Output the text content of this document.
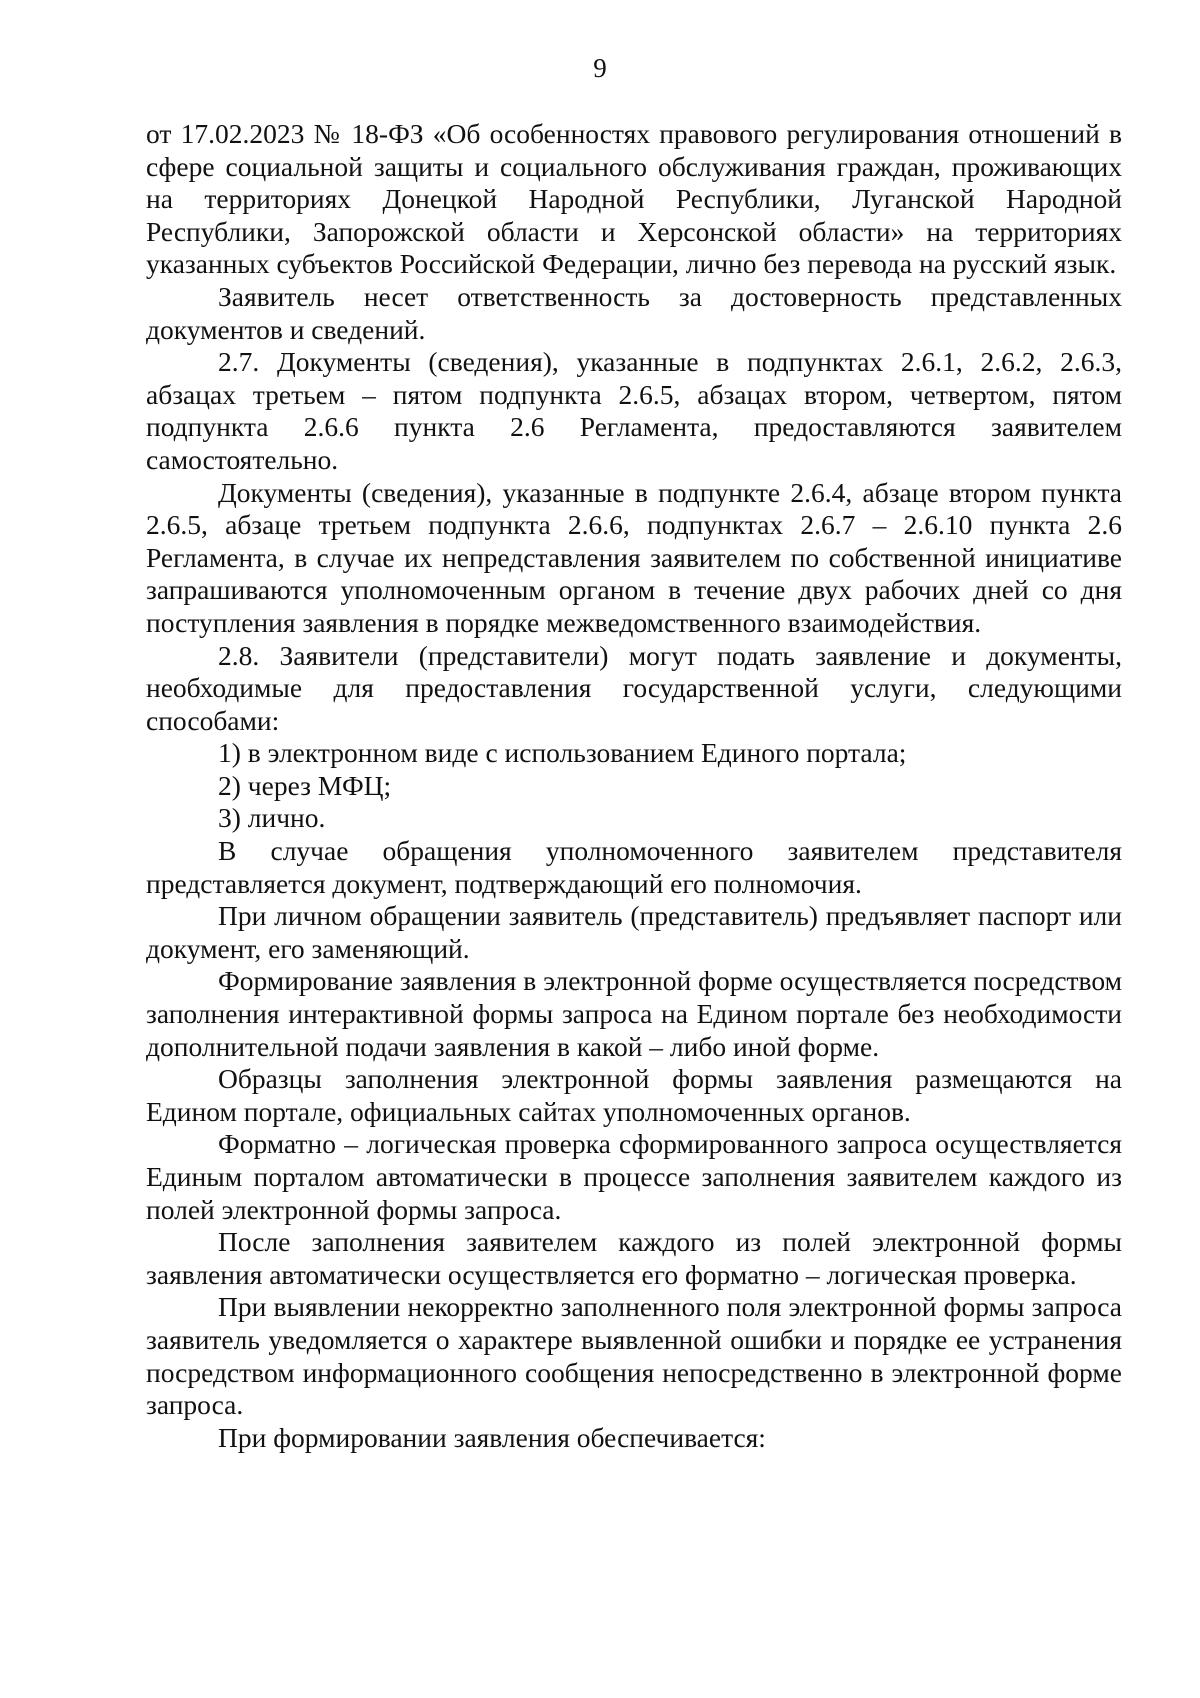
9

от 17.02.2023 № 18-ФЗ «Об особенностях правового регулирования отношений в сфере социальной защиты и социального обслуживания граждан, проживающих на территориях Донецкой Народной Республики, Луганской Народной Республики, Запорожской области и Херсонской области» на территориях указанных субъектов Российской Федерации, лично без перевода на русский язык.

Заявитель несет ответственность за достоверность представленных документов и сведений.

2.7. Документы (сведения), указанные в подпунктах 2.6.1, 2.6.2, 2.6.3, абзацах третьем – пятом подпункта 2.6.5, абзацах втором, четвертом, пятом подпункта 2.6.6 пункта 2.6 Регламента, предоставляются заявителем самостоятельно.

Документы (сведения), указанные в подпункте 2.6.4, абзаце втором пункта 2.6.5, абзаце третьем подпункта 2.6.6, подпунктах 2.6.7 – 2.6.10 пункта 2.6 Регламента, в случае их непредставления заявителем по собственной инициативе запрашиваются уполномоченным органом в течение двух рабочих дней со дня поступления заявления в порядке межведомственного взаимодействия.

2.8. Заявители (представители) могут подать заявление и документы, необходимые для предоставления государственной услуги, следующими способами:

1) в электронном виде с использованием Единого портала;

2) через МФЦ;

3) лично.

В случае обращения уполномоченного заявителем представителя представляется документ, подтверждающий его полномочия.

При личном обращении заявитель (представитель) предъявляет паспорт или документ, его заменяющий.

Формирование заявления в электронной форме осуществляется посредством заполнения интерактивной формы запроса на Едином портале без необходимости дополнительной подачи заявления в какой – либо иной форме.

Образцы заполнения электронной формы заявления размещаются на Едином портале, официальных сайтах уполномоченных органов.

Форматно – логическая проверка сформированного запроса осуществляется Единым порталом автоматически в процессе заполнения заявителем каждого из полей электронной формы запроса.

После заполнения заявителем каждого из полей электронной формы заявления автоматически осуществляется его форматно – логическая проверка.

При выявлении некорректно заполненного поля электронной формы запроса заявитель уведомляется о характере выявленной ошибки и порядке ее устранения посредством информационного сообщения непосредственно в электронной форме запроса.

При формировании заявления обеспечивается:
